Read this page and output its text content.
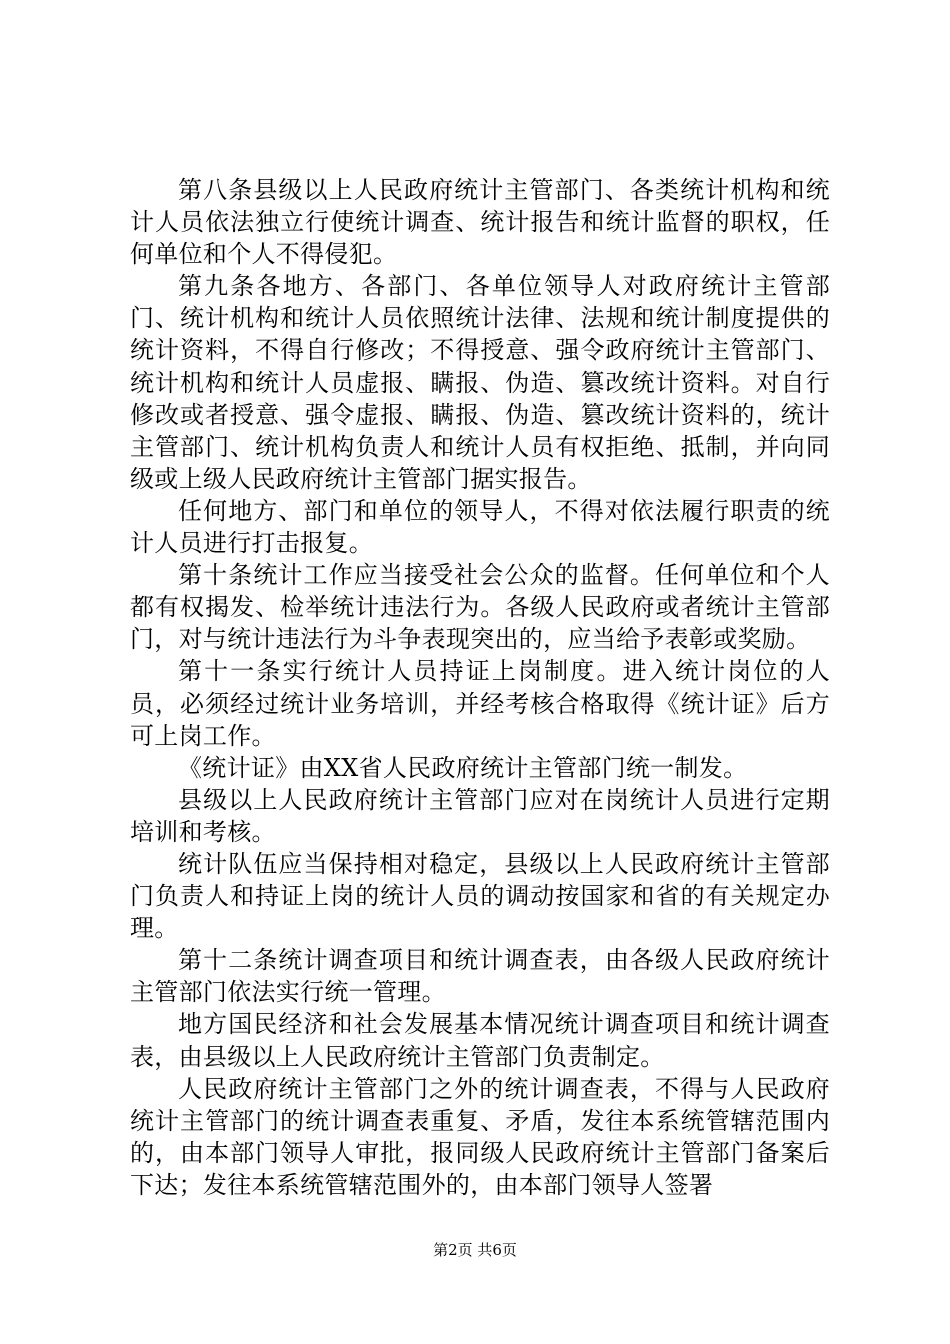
第八条县级以上人民政府统计主管部门、各类统计机构和统计人员依法独立行使统计调查、统计报告和统计监督的职权，任何单位和个人不得侵犯。

第九条各地方、各部门、各单位领导人对政府统计主管部门、统计机构和统计人员依照统计法律、法规和统计制度提供的统计资料，不得自行修改；不得授意、强令政府统计主管部门、统计机构和统计人员虚报、瞒报、伪造、篡改统计资料。对自行修改或者授意、强令虚报、瞒报、伪造、篡改统计资料的，统计主管部门、统计机构负责人和统计人员有权拒绝、抵制，并向同级或上级人民政府统计主管部门据实报告。

任何地方、部门和单位的领导人，不得对依法履行职责的统计人员进行打击报复。

第十条统计工作应当接受社会公众的监督。任何单位和个人都有权揭发、检举统计违法行为。各级人民政府或者统计主管部门，对与统计违法行为斗争表现突出的，应当给予表彰或奖励。

第十一条实行统计人员持证上岗制度。进入统计岗位的人员，必须经过统计业务培训，并经考核合格取得《统计证》后方可上岗工作。

《统计证》由XX省人民政府统计主管部门统一制发。

县级以上人民政府统计主管部门应对在岗统计人员进行定期培训和考核。

统计队伍应当保持相对稳定，县级以上人民政府统计主管部门负责人和持证上岗的统计人员的调动按国家和省的有关规定办理。

第十二条统计调查项目和统计调查表，由各级人民政府统计主管部门依法实行统一管理。

地方国民经济和社会发展基本情况统计调查项目和统计调查表，由县级以上人民政府统计主管部门负责制定。

人民政府统计主管部门之外的统计调查表，不得与人民政府统计主管部门的统计调查表重复、矛盾，发往本系统管辖范围内的，由本部门领导人审批，报同级人民政府统计主管部门备案后下达；发往本系统管辖范围外的，由本部门领导人签署

第2页 共6页
